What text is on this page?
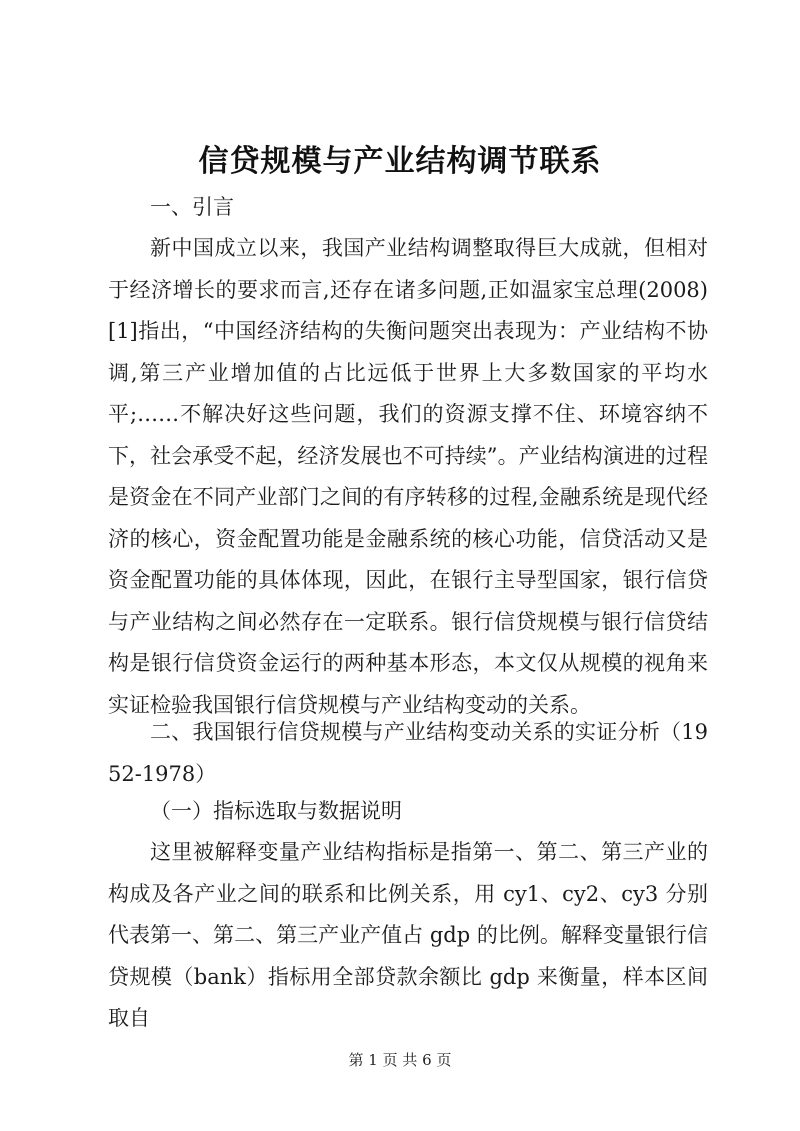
信贷规模与产业结构调节联系
一、引言

新中国成立以来，我国产业结构调整取得巨大成就，但相对于经济增长的要求而言,还存在诸多问题,正如温家宝总理(2008)[1]指出，“中国经济结构的失衡问题突出表现为：产业结构不协调,第三产业增加值的占比远低于世界上大多数国家的平均水平;……不解决好这些问题，我们的资源支撑不住、环境容纳不下，社会承受不起，经济发展也不可持续”。产业结构演进的过程是资金在不同产业部门之间的有序转移的过程,金融系统是现代经济的核心，资金配置功能是金融系统的核心功能，信贷活动又是资金配置功能的具体体现，因此，在银行主导型国家，银行信贷与产业结构之间必然存在一定联系。银行信贷规模与银行信贷结构是银行信贷资金运行的两种基本形态，本文仅从规模的视角来实证检验我国银行信贷规模与产业结构变动的关系。

二、我国银行信贷规模与产业结构变动关系的实证分析（1952-1978）

（一）指标选取与数据说明

这里被解释变量产业结构指标是指第一、第二、第三产业的构成及各产业之间的联系和比例关系，用 cy1、cy2、cy3 分别代表第一、第二、第三产业产值占 gdp 的比例。解释变量银行信贷规模（bank）指标用全部贷款余额比 gdp 来衡量，样本区间取自

第 1 页 共 6 页
